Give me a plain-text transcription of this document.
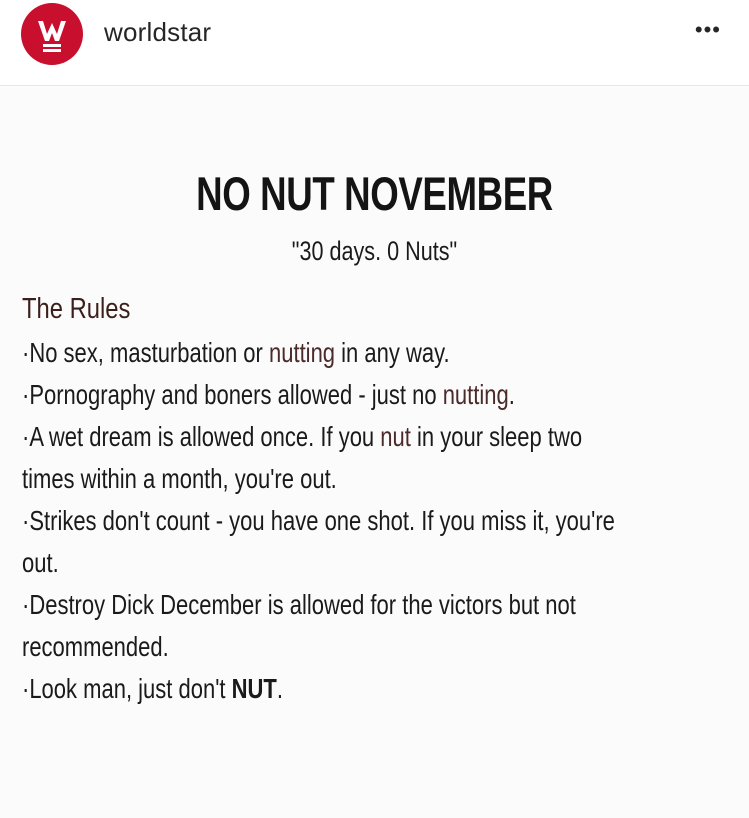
worldstar	•••
NO NUT NOVEMBER
"30 days. 0 Nuts"
The Rules
·No sex, masturbation or nutting in any way.
·Pornography and boners allowed - just no nutting.
·A wet dream is allowed once. If you nut in your sleep two
times within a month, you're out.
·Strikes don't count - you have one shot. If you miss it, you're
out.
·Destroy Dick December is allowed for the victors but not
recommended.
·Look man, just don't NUT.
